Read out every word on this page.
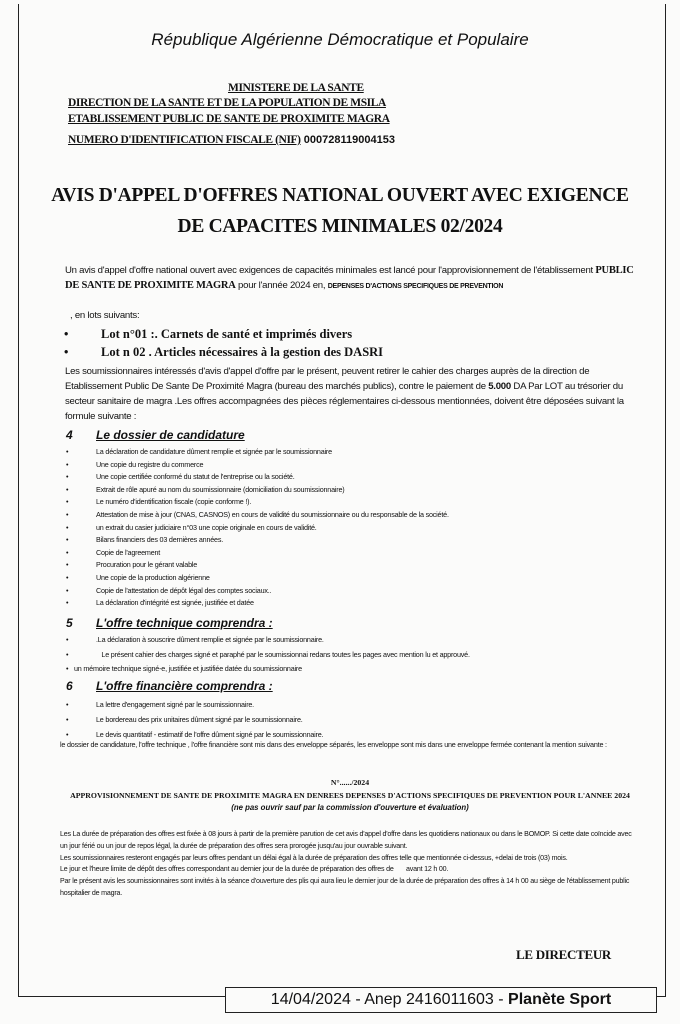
République Algérienne Démocratique et Populaire
MINISTERE DE LA SANTE
DIRECTION DE LA SANTE ET DE LA POPULATION DE MSILA
ETABLISSEMENT PUBLIC DE SANTE DE PROXIMITE MAGRA
NUMERO D'IDENTIFICATION FISCALE (NIF) 000728119004153
AVIS D'APPEL D'OFFRES NATIONAL OUVERT AVEC EXIGENCE
DE CAPACITES MINIMALES 02/2024
Un avis d'appel d'offre national ouvert avec exigences de capacités minimales est lancé pour l'approvisionnement de l'établissement PUBLIC DE SANTE DE PROXIMITE MAGRA pour l'année 2024 en, DEPENSES D'ACTIONS SPECIFIQUES DE PREVENTION
, en lots suivants:
•	Lot n°01 :. Carnets de santé et imprimés divers
•	Lot n 02 . Articles nécessaires à la gestion des DASRI
Les soumissionnaires intéressés d'avis d'appel d'offre par le présent, peuvent retirer le cahier des charges auprès de la direction de Etablissement Public De Sante De Proximité Magra (bureau des marchés publics), contre le paiement de 5.000 DA Par LOT au trésorier du secteur sanitaire de magra .Les offres accompagnées des pièces réglementaires ci-dessous mentionnées, doivent être déposées suivant la formule suivante :
4 Le dossier de candidature
• La déclaration de candidature dûment remplie et signée par le soumissionnaire
• Une copie du registre du commerce
• Une copie certifiée conformé du statut de l'entreprise ou la société.
• Extrait de rôle apuré au nom du soumissionnaire (domiciliation du soumissionnaire)
• Le numéro d'identification fiscale (copie conforme !).
• Attestation de mise à jour (CNAS, CASNOS) en cours de validité du soumissionnaire ou du responsable de la société.
• un extrait du casier judiciaire n°03 une copie originale en cours de validité.
• Bilans financiers des 03 dernières années.
• Copie de l'agreement
• Procuration pour le gérant valable
• Une copie de la production algérienne
• Copie de l'attestation de dépôt légal des comptes sociaux..
• La déclaration d'intégrité est signée, justifiée et datée
5 L'offre technique comprendra :
• .La déclaration à souscrire dûment remplie et signée par le soumissionnaire.
•    Le présent cahier des charges signé et paraphé par le soumissionnai redans toutes les pages avec mention lu et approuvé.
• un mémoire technique signé-e, justifiée et justifiée datée du soumissionnaire
6 L'offre financière comprendra :
• La lettre d'engagement signé par le soumissionnaire.
• Le bordereau des prix unitaires dûment signé par le soumissionnaire.
• Le devis quantitatif - estimatif de l'offre dûment signé par le soumissionnaire.
le dossier de candidature, l'offre technique , l'offre financière sont mis dans des enveloppe séparés, les enveloppe sont mis dans une enveloppe fermée contenant la mention suivante :
N°....../2024
APPROVISIONNEMENT DE SANTE DE PROXIMITE MAGRA EN DENREES DEPENSES D'ACTIONS SPECIFIQUES DE PREVENTION POUR L'ANNEE 2024
(ne pas ouvrir sauf par la commission d'ouverture et évaluation)
Les La durée de préparation des offres est fixée à 08 jours à partir de la première parution de cet avis d'appel d'offre dans les quotidiens nationaux ou dans le BOMOP. Si cette date coïncide avec un jour férié ou un jour de repos légal, la durée de préparation des offres sera prorogée jusqu'au jour ouvrable suivant.
Les soumissionnaires resteront engagés par leurs offres pendant un délai égal à la durée de préparation des offres telle que mentionnée ci-dessus, +delai de trois (03) mois.
Le jour et l'heure limite de dépôt des offres correspondant au dernier jour de la durée de préparation des offres de       avant 12 h 00.
Par le présent avis les soumissionnaires sont invités à la séance d'ouverture des plis qui aura lieu le dernier jour de la durée de préparation des offres à 14 h 00 au siège de l'établissement public hospitalier de magra.
LE DIRECTEUR
14/04/2024 - Anep 2416011603 - Planète Sport
